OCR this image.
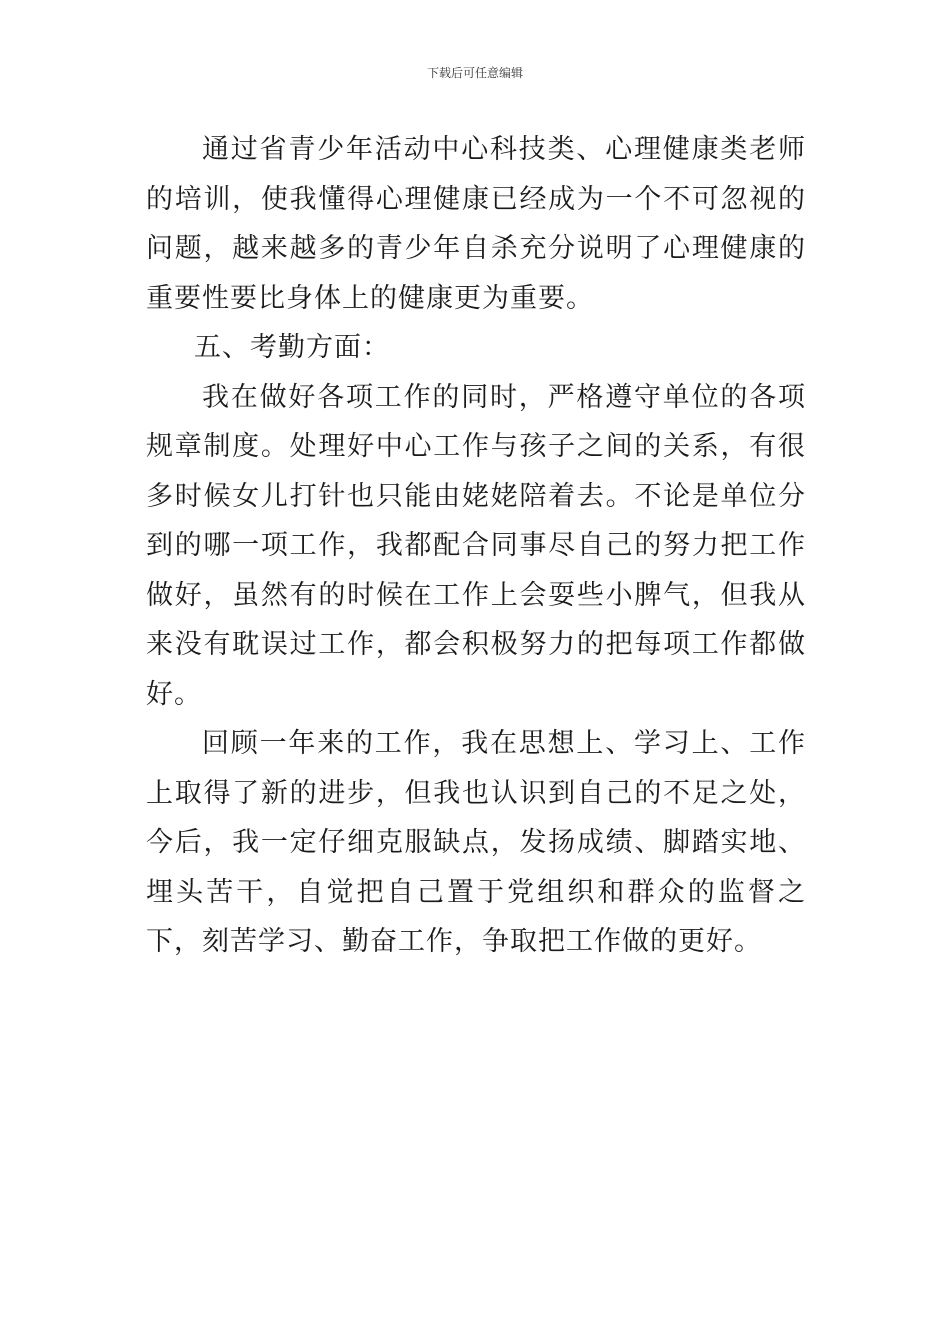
下载后可任意编辑

通过省青少年活动中心科技类、心理健康类老师的培训，使我懂得心理健康已经成为一个不可忽视的问题，越来越多的青少年自杀充分说明了心理健康的重要性要比身体上的健康更为重要。

五、考勤方面：

我在做好各项工作的同时，严格遵守单位的各项规章制度。处理好中心工作与孩子之间的关系，有很多时候女儿打针也只能由姥姥陪着去。不论是单位分到的哪一项工作，我都配合同事尽自己的努力把工作做好，虽然有的时候在工作上会耍些小脾气，但我从来没有耽误过工作，都会积极努力的把每项工作都做好。

回顾一年来的工作，我在思想上、学习上、工作上取得了新的进步，但我也认识到自己的不足之处，今后，我一定仔细克服缺点，发扬成绩、脚踏实地、埋头苦干，自觉把自己置于党组织和群众的监督之下，刻苦学习、勤奋工作，争取把工作做的更好。
